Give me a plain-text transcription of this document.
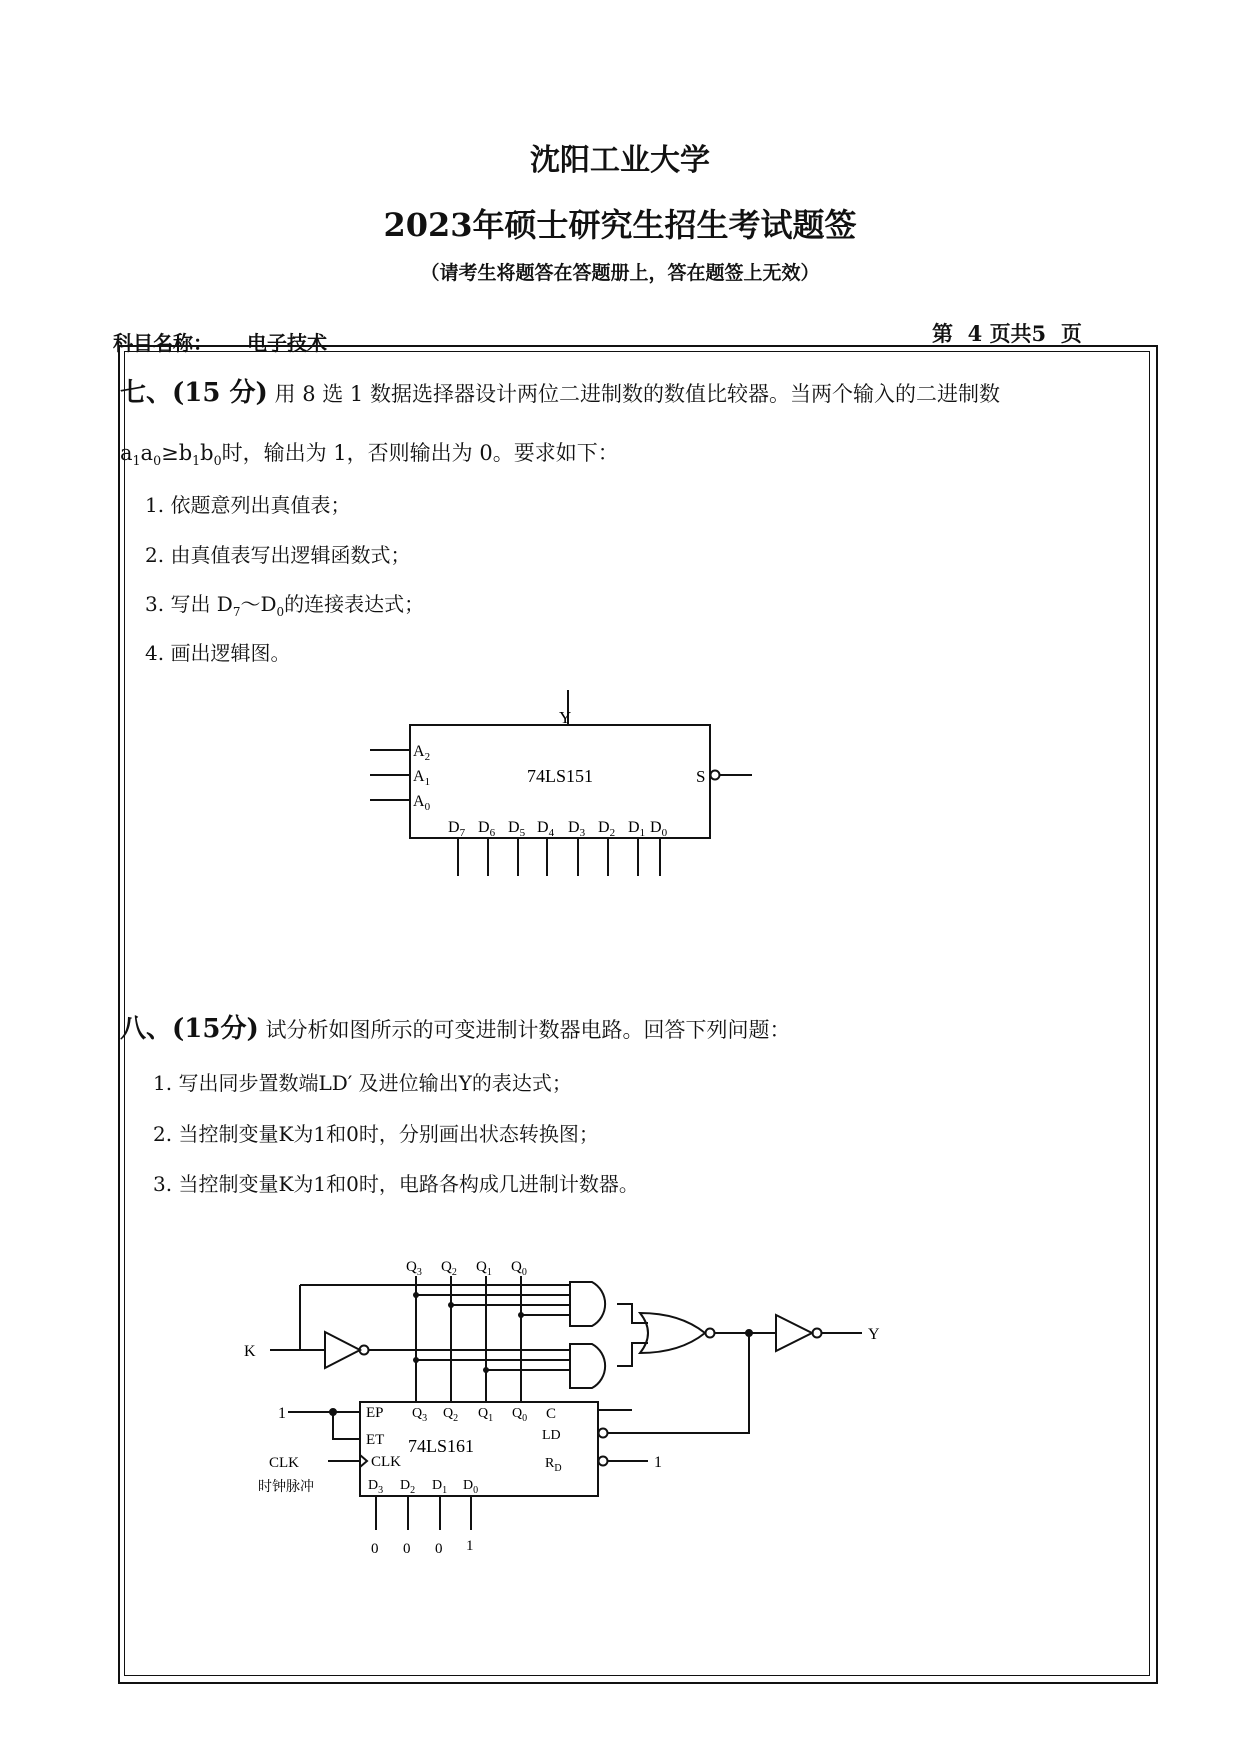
沈阳工业大学
2023年硕士研究生招生考试题签
（请考生将题答在答题册上，答在题签上无效）
科目名称： 电子技术	第 4 页共5 页
七、(15 分) 用 8 选 1 数据选择器设计两位二进制数的数值比较器。当两个输入的二进制数
$a_1a_0\ge b_1b_0$时，输出为 1，否则输出为 0。要求如下：
1. 依题意列出真值表；
2. 由真值表写出逻辑函数式；
3. 写出 $D_7\sim D_0$的连接表达式；
4. 画出逻辑图。
Y
74LS151	S
$A_2$
$A_1$
$A_0$
$D_7$ $D_6$ $D_5$ $D_4$ $D_3$ $D_2$ $D_1$ $D_0$
八、(15分) 试分析如图所示的可变进制计数器电路。回答下列问题：
1. 写出同步置数端LD′ 及进位输出Y的表达式；
2. 当控制变量K为1和0时，分别画出状态转换图；
3. 当控制变量K为1和0时，电路各构成几进制计数器。
$Q_3$ $Q_2$ $Q_1$ $Q_0$
K
Y
1
1
EP
ET
CLK
74LS161
$Q_3$ $Q_2$ $Q_1$ $Q_0$ C
LD
$R_D$
$D_3$ $D_2$ $D_1$ $D_0$
CLK
时钟脉冲
0 0 0 1
